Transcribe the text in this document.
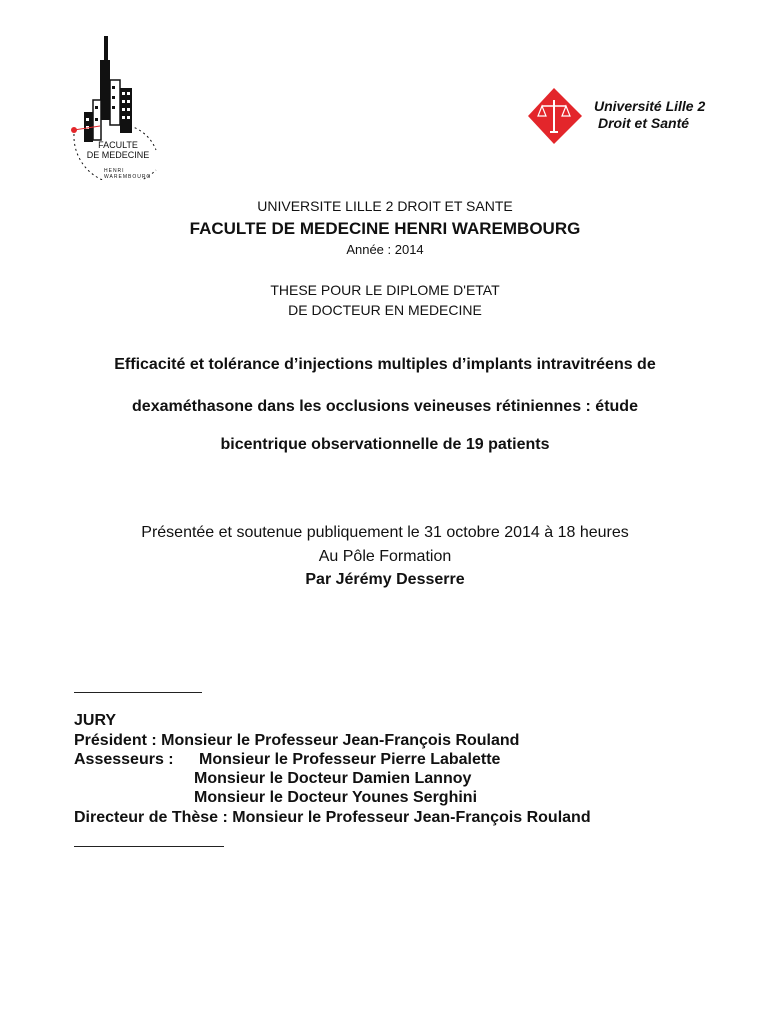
FACULTE
DE MEDECINE
HENRI WAREMBOURG
Université Lille 2
Droit et Santé
UNIVERSITE LILLE 2 DROIT ET SANTE
FACULTE DE MEDECINE HENRI WAREMBOURG
Année : 2014
THESE POUR LE DIPLOME D'ETAT
DE DOCTEUR EN MEDECINE
Efficacité et tolérance d’injections multiples d’implants intravitréens de
dexaméthasone dans les occlusions veineuses rétiniennes : étude
bicentrique observationnelle de 19 patients
Présentée et soutenue publiquement le 31 octobre 2014 à 18 heures
Au Pôle Formation
Par Jérémy Desserre
JURY
Président : Monsieur le Professeur Jean-François Rouland
Assesseurs : Monsieur le Professeur Pierre Labalette
Monsieur le Docteur Damien Lannoy
Monsieur le Docteur Younes Serghini
Directeur de Thèse : Monsieur le Professeur Jean-François Rouland
